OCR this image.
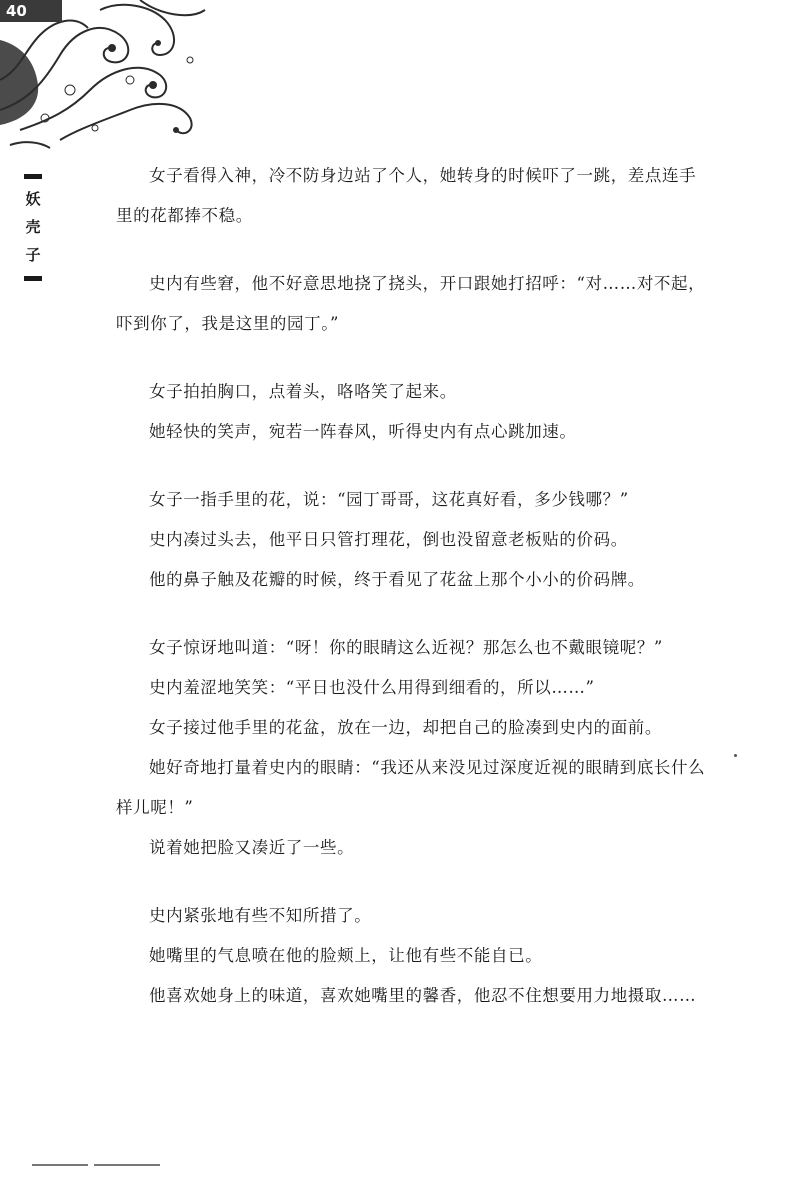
40
妖
壳
子

女子看得入神，冷不防身边站了个人，她转身的时候吓了一跳，差点连手里的花都捧不稳。

史内有些窘，他不好意思地挠了挠头，开口跟她打招呼：“对……对不起，吓到你了，我是这里的园丁。”

女子拍拍胸口，点着头，咯咯笑了起来。

她轻快的笑声，宛若一阵春风，听得史内有点心跳加速。

女子一指手里的花，说：“园丁哥哥，这花真好看，多少钱哪？”

史内凑过头去，他平日只管打理花，倒也没留意老板贴的价码。

他的鼻子触及花瓣的时候，终于看见了花盆上那个小小的价码牌。

女子惊讶地叫道：“呀！你的眼睛这么近视？那怎么也不戴眼镜呢？”

史内羞涩地笑笑：“平日也没什么用得到细看的，所以……”

女子接过他手里的花盆，放在一边，却把自己的脸凑到史内的面前。

她好奇地打量着史内的眼睛：“我还从来没见过深度近视的眼睛到底长什么样儿呢！”

说着她把脸又凑近了一些。

史内紧张地有些不知所措了。

她嘴里的气息喷在他的脸颊上，让他有些不能自已。

他喜欢她身上的味道，喜欢她嘴里的馨香，他忍不住想要用力地摄取……
